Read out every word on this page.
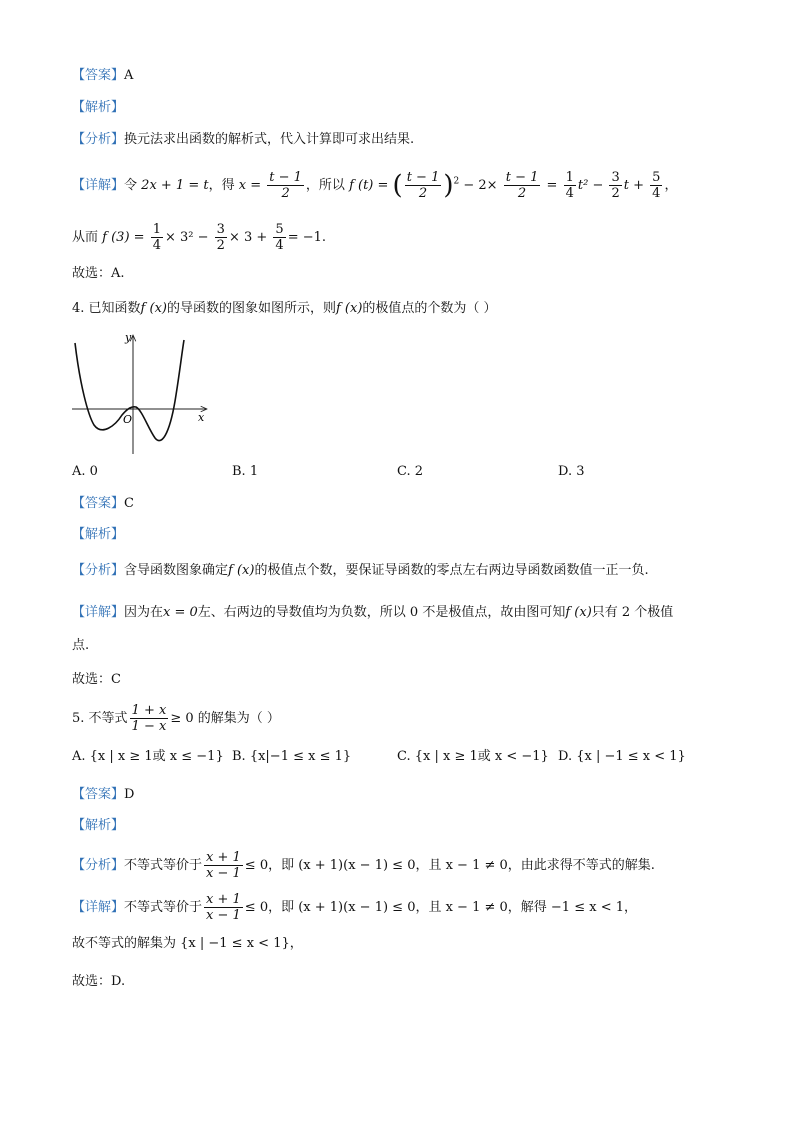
【答案】A
【解析】
【分析】换元法求出函数的解析式，代入计算即可求出结果.
【详解】令 2x + 1 = t，得 $x = \frac{t - 1}{2}$ ，所以 f (t) = ( $\frac{t - 1}{2} )^2 - 2\times \frac{t - 1}{2} = \frac{1}{4} t^2 - \frac{3}{2}$ $t + \frac{5}{4}$ ，
从而 f $(3) = \frac{1}{4} \times 3^2 - \frac{3}{2} \times 3 + \frac{5}{4} = -1$.
故选：A.
4. 已知函数f (x)的导函数的图象如图所示，则f (x)的极值点的个数为（ ）
y
x
O
A. 0	B. 1	C. 2	D. 3
【答案】C
【解析】
【分析】含导函数图象确定f (x)的极值点个数，要保证导函数的零点左右两边导函数函数值一正一负.
【详解】因为在x = 0左、右两边的导数值均为负数，所以 0 不是极值点，故由图可知f (x)只有 2 个极值
点.
故选：C
5. 不等式 $\frac{1 + x}{1 - x} \ge 0$ 的解集为（ ）
A. {x | x ≥ 1或 x ≤ −1} B. {x|−1 ≤ x ≤ 1}	C. {x | x ≥ 1或 x < −1} D. {x | −1 ≤ x < 1}
【答案】D
【解析】
【分析】不等式等价于 $\frac{x + 1}{x - 1} \le 0$，即 (x + 1)(x − 1) ≤ 0，且 x − 1 ≠ 0，由此求得不等式的解集.
【详解】不等式等价于 $\frac{x + 1}{x - 1} \le 0$，即 (x + 1)(x − 1) ≤ 0，且 x − 1 ≠ 0，解得 −1 ≤ x < 1，
故不等式的解集为 {x | −1 ≤ x < 1}，
故选：D.
